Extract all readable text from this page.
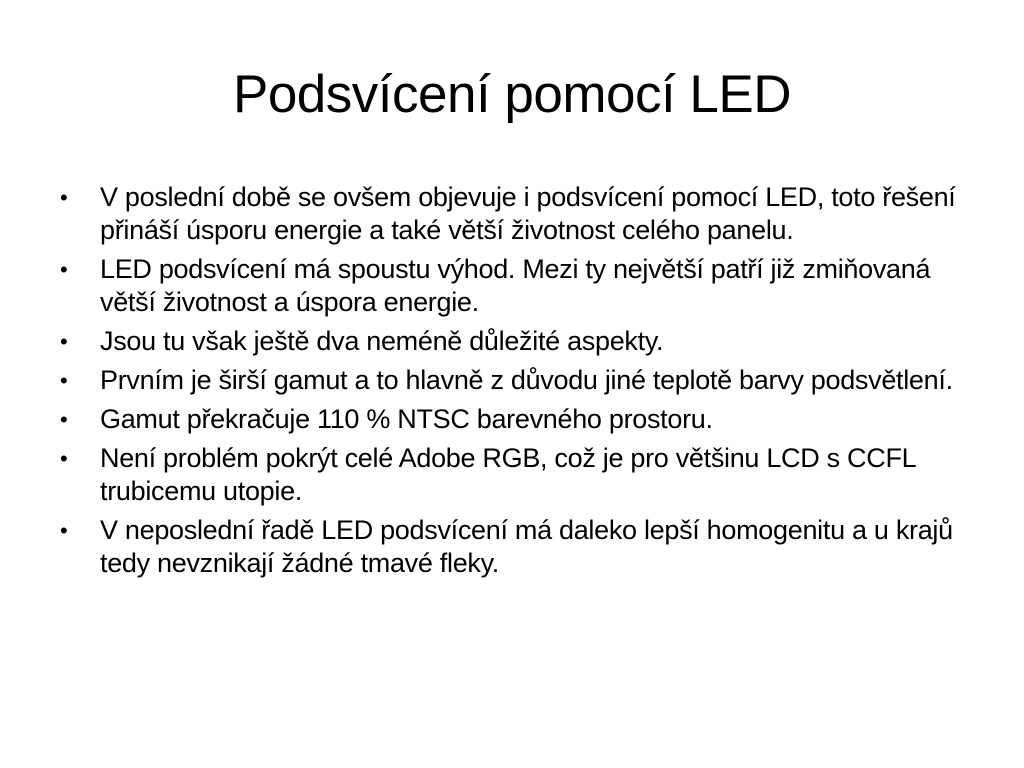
Podsvícení pomocí LED
•	V poslední době se ovšem objevuje i podsvícení pomocí LED, toto řešení přináší úsporu energie a také větší životnost celého panelu.
•	LED podsvícení má spoustu výhod. Mezi ty největší patří již zmiňovaná větší životnost a úspora energie.
•	Jsou tu však ještě dva neméně důležité aspekty.
•	Prvním je širší gamut a to hlavně z důvodu jiné teplotě barvy podsvětlení.
•	Gamut překračuje 110 % NTSC barevného prostoru.
•	Není problém pokrýt celé Adobe RGB, což je pro většinu LCD s CCFL trubicemu utopie.
•	V neposlední řadě LED podsvícení má daleko lepší homogenitu a u krajů tedy nevznikají žádné tmavé fleky.
